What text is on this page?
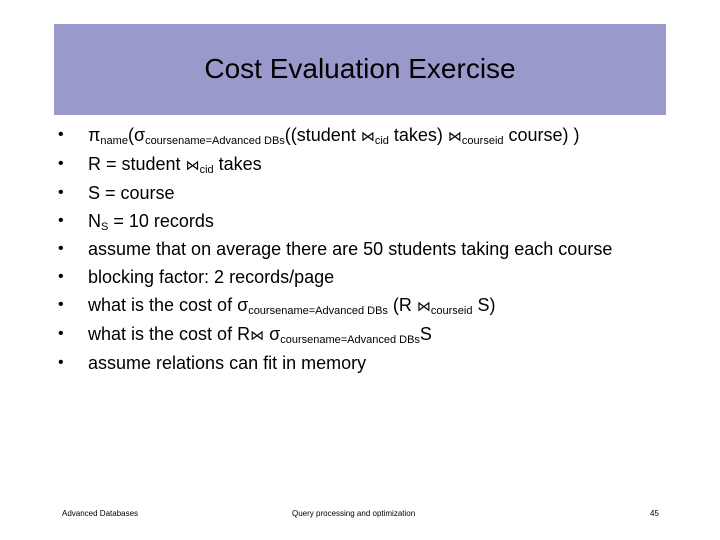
Cost Evaluation Exercise
• $\pi_{name}(\sigma_{coursename=Advanced DBs}((student$ $⋈_{cid}$ takes) $⋈_{courseid}$ course) )
• R = student $⋈_{cid}$ takes
• S = course
• $N_S = 10$ records
• assume that on average there are 50 students taking each course
• blocking factor: 2 records/page
• what is the cost of $\sigma_{coursename=Advanced DBs}$ (R $⋈_{courseid}$ S)
• what is the cost of R⋈ $\sigma_{coursename=Advanced DBs}S$
• assume relations can fit in memory
Advanced Databases	Query processing and optimization	45
